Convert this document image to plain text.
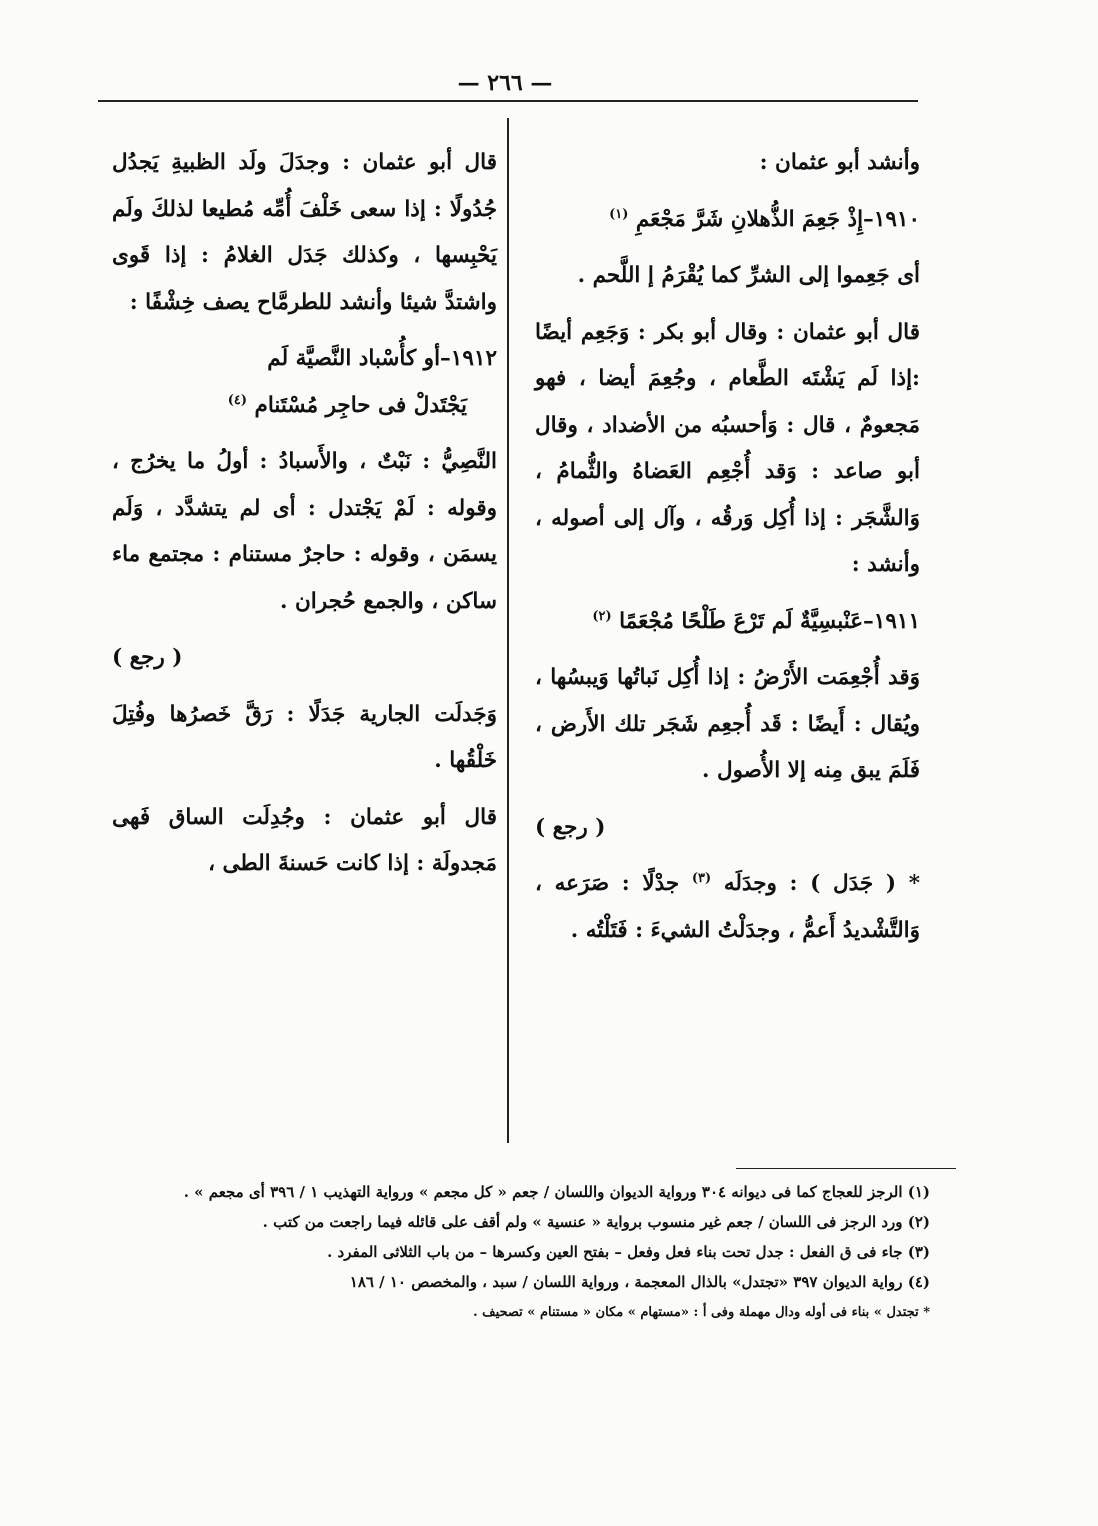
— ٢٦٦ —

وأنشد أبو عثمان :

١٩١٠–إِذْ جَعِمَ الذُّهلانِ شَرَّ مَجْعَمِ $^{(١)}$

أى جَعِموا إلى الشرِّ كما يُقْرَمُ إ اللَّحم .

قال أبو عثمان : وقال أبو بكر : وَجَعِم أيضًا :إذا لَم يَشْتَه الطَّعام ، وجُعِمَ أيضا ، فهو مَجعومٌ ، قال : وَأحسبُه من الأضداد ، وقال أبو صاعد : وَقد أُجْعِم العَضاهُ والثُّمامُ ، وَالشَّجَر : إذا أُكِل وَرقُه ، وآل إلى أصوله ، وأنشد :

١٩١١–عَنْبسِيَّةٌ لَم تَرْعَ طَلْحًا مُجْعَمًا $^{(٢)}$

وَقد أُجْعِمَت الأَرْضُ : إذا أُكِل نَباتُها وَيبسُها ، ويُقال : أَيضًا : قَد أُجعِم شَجَر تلك الأَرض ، فَلَمَ يبق مِنه إلا الأُصول .

( رجع )

* ( جَدَل ) : وجدَلَه $^{(٣)}$ جدْلًا : صَرَعه ، وَالتَّشْديدُ أَعمُّ ، وجدَلْتُ الشيءَ : فَتَلْتُه .

قال أبو عثمان : وجدَلَ ولَد الظبيةِ يَجدُل جُدُولًا : إذا سعى خَلْفَ أُمِّه مُطيعا لذلكَ ولَم يَحْبِسها ، وكذلك جَدَل الغلامُ : إذا قَوى واشتدَّ شيئا وأنشد للطرمَّاح يصف خِشْفًا :

١٩١٢–أو كأُسْباد النَّصيَّة لَم
يَجْتَدلْ فى حاجِر مُسْتَنام $^{(٤)}$

النَّصِيُّ : نَبْتٌ ، والأَسبادُ : أولُ ما يخرُج ، وقوله : لَمْ يَجْتدل : أى لم يتشدَّد ، وَلَم يسمَن ، وقوله : حاجرٌ مستنام : مجتمع ماء ساكن ، والجمع حُجران .

( رجع )

وَجَدلَت الجارية جَدَلًا : رَقَّ خَصرُها وفُتِلَ خَلْقُها .

قال أبو عثمان : وجُدِلَت الساق فَهى مَجدولَة : إذا كانت حَسنةَ الطى ،

(١) الرجز للعجاج كما فى ديوانه ٣٠٤ ورواية الديوان واللسان / جعم « كل مجعم » ورواية التهذيب ١ / ٣٩٦ أى مجعم » .

(٢) ورد الرجز فى اللسان / جعم غير منسوب برواية « عنسية » ولم أقف على قائله فيما راجعت من كتب .

(٣) جاء فى ق الفعل : جدل تحت بناء فعل وفعل – بفتح العين وكسرها – من باب الثلاثى المفرد .

(٤) رواية الديوان ٣٩٧ «تجتدل» بالذال المعجمة ، ورواية اللسان / سبد ، والمخصص ١٠ / ١٨٦

* تجتدل » بناء فى أوله ودال مهملة وفى أ : «مستهام » مكان « مستنام » تصحيف .
